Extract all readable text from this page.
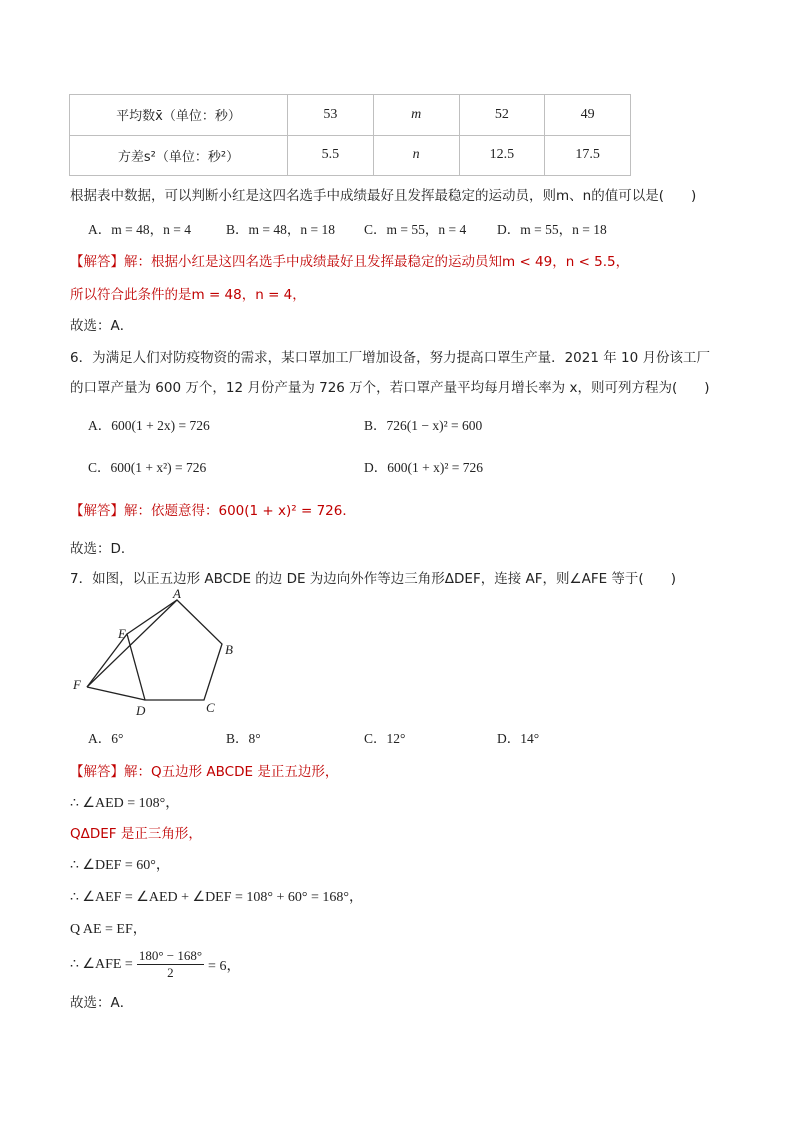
平均数x̄（单位：秒）	53	m	52	49
方差s²（单位：秒²）	5.5	n	12.5	17.5
根据表中数据，可以判断小红是这四名选手中成绩最好且发挥最稳定的运动员，则m、n的值可以是(　　)
A．m = 48，n = 4	B．m = 48，n = 18 C．m = 55，n = 4 D．m = 55，n = 18
【解答】解：根据小红是这四名选手中成绩最好且发挥最稳定的运动员知m < 49，n < 5.5，
所以符合此条件的是m = 48，n = 4，
故选：A．
6．为满足人们对防疫物资的需求，某口罩加工厂增加设备，努力提高口罩生产量．2021 年 10 月份该工厂
的口罩产量为 600 万个，12 月份产量为 726 万个，若口罩产量平均每月增长率为 x，则可列方程为(　　)
A．600(1 + 2x) = 726	B．726(1 − x)² = 600
C．600(1 + x²) = 726	D．600(1 + x)² = 726
【解答】解：依题意得：600(1 + x)² = 726．
故选：D．
7．如图，以正五边形 ABCDE 的边 DE 为边向外作等边三角形ΔDEF，连接 AF，则∠AFE 等于(　　)
A
B
C
D
E
F
A．6°	B．8°	C．12°	D．14°
【解答】解：Q五边形 ABCDE 是正五边形，
∴ ∠AED = 108°，
QΔDEF 是正三角形，
∴ ∠DEF = 60°，
∴ ∠AEF = ∠AED + ∠DEF = 108° + 60° = 168°，
Q AE = EF，
∴ ∠AFE = $\frac{180^\circ - 168^\circ}{2} = 6$，
故选：A．
